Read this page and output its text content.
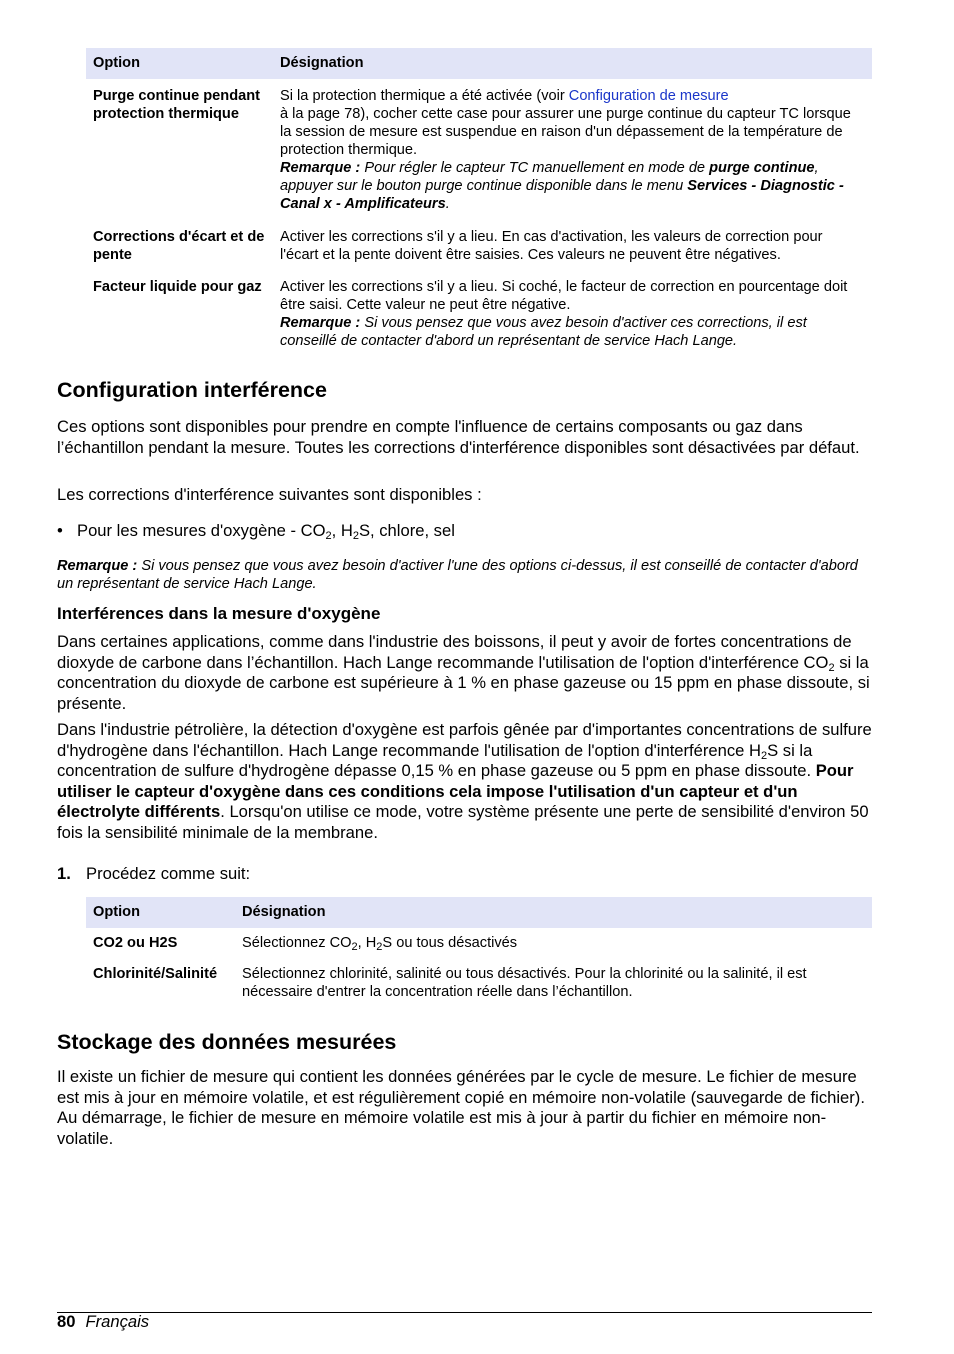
Option	Désignation
Purge continue pendant protection thermique	Si la protection thermique a été activée (voir Configuration de mesure
à la page 78), cocher cette case pour assurer une purge continue du capteur TC lorsque la session de mesure est suspendue en raison d'un dépassement de la température de protection thermique.

Remarque : Pour régler le capteur TC manuellement en mode de purge continue, appuyer sur le bouton purge continue disponible dans le menu Services - Diagnostic - Canal x - Amplificateurs.

Corrections d'écart et de pente	Activer les corrections s'il y a lieu. En cas d'activation, les valeurs de correction pour l'écart et la pente doivent être saisies. Ces valeurs ne peuvent être négatives.
Facteur liquide pour gaz	Activer les corrections s'il y a lieu. Si coché, le facteur de correction en pourcentage doit être saisi. Cette valeur ne peut être négative.

Remarque : Si vous pensez que vous avez besoin d'activer ces corrections, il est conseillé de contacter d'abord un représentant de service Hach Lange.

Configuration interférence

Ces options sont disponibles pour prendre en compte l'influence de certains composants ou gaz dans l’échantillon pendant la mesure. Toutes les corrections d'interférence disponibles sont désactivées par défaut.

Les corrections d'interférence suivantes sont disponibles :

• Pour les mesures d'oxygène - $CO_2$, $H_2S$, chlore, sel

Remarque : Si vous pensez que vous avez besoin d'activer l'une des options ci-dessus, il est conseillé de contacter d'abord un représentant de service Hach Lange.

Interférences dans la mesure d'oxygène

Dans certaines applications, comme dans l'industrie des boissons, il peut y avoir de fortes concentrations de dioxyde de carbone dans l’échantillon. Hach Lange recommande l'utilisation de l'option d'interférence $CO_2$ si la concentration du dioxyde de carbone est supérieure à 1 % en phase gazeuse ou 15 ppm en phase dissoute, si présente.

Dans l'industrie pétrolière, la détection d'oxygène est parfois gênée par d'importantes concentrations de sulfure d'hydrogène dans l'échantillon. Hach Lange recommande l'utilisation de l'option d'interférence $H_2S$ si la concentration de sulfure d'hydrogène dépasse 0,15 % en phase gazeuse ou 5 ppm en phase dissoute. Pour utiliser le capteur d'oxygène dans ces conditions cela impose l'utilisation d'un capteur et d'un électrolyte différents. Lorsqu'on utilise ce mode, votre système présente une perte de sensibilité d'environ 50 fois la sensibilité minimale de la membrane.

1. Procédez comme suit:
Option	Désignation
CO2 ou H2S	Sélectionnez $CO_2$, $H_2S$ ou tous désactivés
Chlorinité/Salinité	Sélectionnez chlorinité, salinité ou tous désactivés. Pour la chlorinité ou la salinité, il est nécessaire d'entrer la concentration réelle dans l’échantillon.
Stockage des données mesurées

Il existe un fichier de mesure qui contient les données générées par le cycle de mesure. Le fichier de mesure est mis à jour en mémoire volatile, et est régulièrement copié en mémoire non-volatile (sauvegarde de fichier). Au démarrage, le fichier de mesure en mémoire volatile est mis à jour à partir du fichier en mémoire non-volatile.

80 Français
